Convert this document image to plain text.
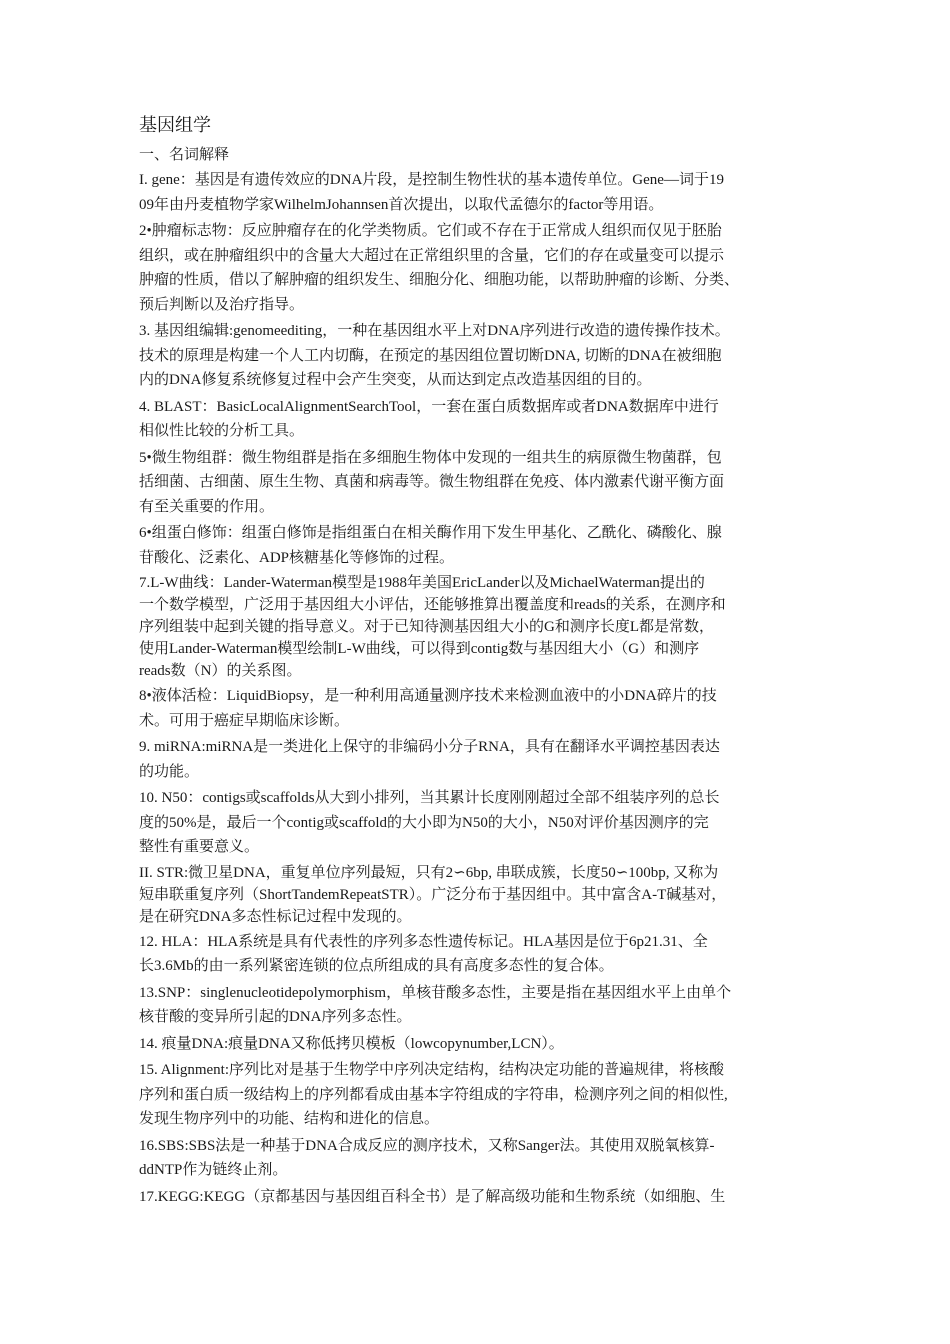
基因组学
一、名词解释

I. gene：基因是有遗传效应的DNA片段，是控制生物性状的基本遗传单位。Gene—词于19
09年由丹麦植物学家WilhelmJohannsen首次提出，以取代孟德尔的factor等用语。

2•肿瘤标志物：反应肿瘤存在的化学类物质。它们或不存在于正常成人组织而仅见于胚胎
组织，或在肿瘤组织中的含量大大超过在正常组织里的含量，它们的存在或量变可以提示
肿瘤的性质，借以了解肿瘤的组织发生、细胞分化、细胞功能，以帮助肿瘤的诊断、分类、
预后判断以及治疗指导。

3. 基因组编辑:genomeediting，一种在基因组水平上对DNA序列进行改造的遗传操作技术。
技术的原理是构建一个人工内切酶，在预定的基因组位置切断DNA, 切断的DNA在被细胞
内的DNA修复系统修复过程中会产生突变，从而达到定点改造基因组的目的。

4. BLAST：BasicLocalAlignmentSearchTool，一套在蛋白质数据库或者DNA数据库中进行
相似性比较的分析工具。

5•微生物组群：微生物组群是指在多细胞生物体中发现的一组共生的病原微生物菌群，包
括细菌、古细菌、原生生物、真菌和病毒等。微生物组群在免疫、体内激素代谢平衡方面
有至关重要的作用。

6•组蛋白修饰：组蛋白修饰是指组蛋白在相关酶作用下发生甲基化、乙酰化、磷酸化、腺
苷酸化、泛素化、ADP核糖基化等修饰的过程。

7.L-W曲线：Lander-Waterman模型是1988年美国EricLander以及MichaelWaterman提出的
一个数学模型，广泛用于基因组大小评估，还能够推算出覆盖度和reads的关系，在测序和
序列组装中起到关键的指导意义。对于已知待测基因组大小的G和测序长度L都是常数，
使用Lander-Waterman模型绘制L-W曲线，可以得到contig数与基因组大小（G）和测序
reads数（N）的关系图。

8•液体活检：LiquidBiopsy，是一种利用高通量测序技术来检测血液中的小DNA碎片的技
术。可用于癌症早期临床诊断。

9. miRNA:miRNA是一类进化上保守的非编码小分子RNA，具有在翻译水平调控基因表达
的功能。

10. N50：contigs或scaffolds从大到小排列，当其累计长度刚刚超过全部不组装序列的总长
度的50%是，最后一个contig或scaffold的大小即为N50的大小，N50对评价基因测序的完
整性有重要意义。

II. STR:微卫星DNA，重复单位序列最短，只有2∽6bp, 串联成簇，长度50∽100bp, 又称为
短串联重复序列（ShortTandemRepeatSTR）。广泛分布于基因组中。其中富含A-T碱基对，
是在研究DNA多态性标记过程中发现的。

12. HLA：HLA系统是具有代表性的序列多态性遗传标记。HLA基因是位于6p21.31、全
长3.6Mb的由一系列紧密连锁的位点所组成的具有高度多态性的复合体。

13.SNP：singlenucleotidepolymorphism，单核苷酸多态性，主要是指在基因组水平上由单个
核苷酸的变异所引起的DNA序列多态性。

14. 痕量DNA:痕量DNA又称低拷贝模板（lowcopynumber,LCN）。

15. Alignment:序列比对是基于生物学中序列决定结构，结构决定功能的普遍规律，将核酸
序列和蛋白质一级结构上的序列都看成由基本字符组成的字符串，检测序列之间的相似性,
发现生物序列中的功能、结构和进化的信息。

16.SBS:SBS法是一种基于DNA合成反应的测序技术，又称Sanger法。其使用双脱氧核算-
ddNTP作为链终止剂。

17.KEGG:KEGG（京都基因与基因组百科全书）是了解高级功能和生物系统（如细胞、生
